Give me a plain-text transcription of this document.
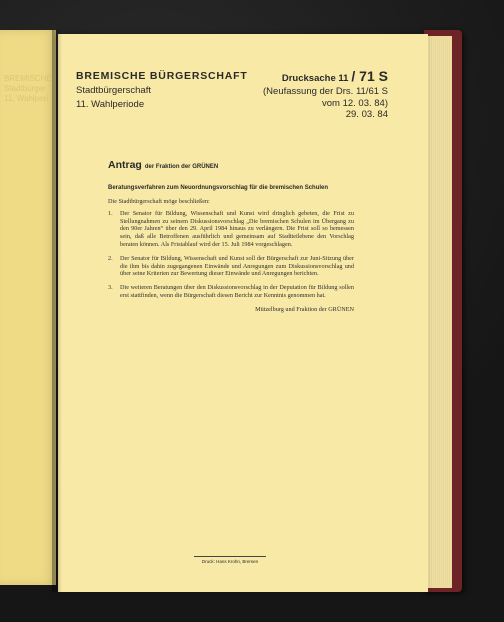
BREMISCHE
Stadtbürger
11. Wahlperi
BREMISCHE BÜRGERSCHAFT
Stadtbürgerschaft
11. Wahlperiode
Drucksache 11 / 71 S
(Neufassung der Drs. 11/61 S
vom 12. 03. 84)
29. 03. 84
Antrag der Fraktion der GRÜNEN
Beratungsverfahren zum Neuordnungsvorschlag für die bremischen Schulen
Die Stadtbürgerschaft möge beschließen:
1.	Der Senator für Bildung, Wissenschaft und Kunst wird dringlich gebeten, die Frist zu Stellungnahmen zu seinem Diskussionsvorschlag „Die bremischen Schulen im Übergang zu den 90er Jahren“ über den 29. April 1984 hinaus zu verlängern. Die Frist soll so bemessen sein, daß alle Betroffenen ausführlich und gemeinsam auf Stadtteilebene den Vorschlag beraten können. Als Fristablauf wird der 15. Juli 1984 vorgeschlagen.
2.	Der Senator für Bildung, Wissenschaft und Kunst soll der Bürgerschaft zur Juni-Sitzung über die ihm bis dahin zugegangenen Einwände und Anregungen zum Diskussionsvorschlag und über seine Kriterien zur Bewertung dieser Einwände und Anregungen berichten.
3.	Die weiteren Beratungen über den Diskussionsvorschlag in der Deputation für Bildung sollen erst stattfinden, wenn die Bürgerschaft diesen Bericht zur Kenntnis genommen hat.
Mützelburg und Fraktion der GRÜNEN
Druck: Hans Krohn, Bremen
